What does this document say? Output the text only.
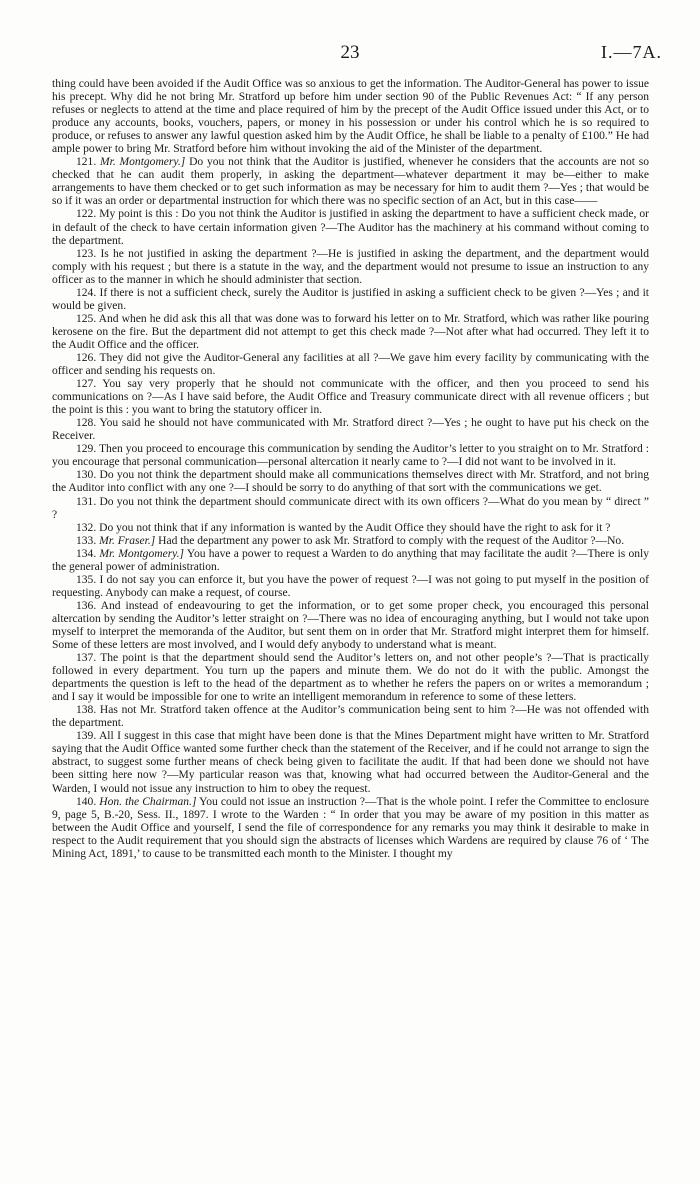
23	I.—7A.

thing could have been avoided if the Audit Office was so anxious to get the information. The Auditor-General has power to issue his precept. Why did he not bring Mr. Stratford up before him under section 90 of the Public Revenues Act: “ If any person refuses or neglects to attend at the time and place required of him by the precept of the Audit Office issued under this Act, or to produce any accounts, books, vouchers, papers, or money in his possession or under his control which he is so required to produce, or refuses to answer any lawful question asked him by the Audit Office, he shall be liable to a penalty of £100.” He had ample power to bring Mr. Stratford before him without invoking the aid of the Minister of the department.

121. Mr. Montgomery.] Do you not think that the Auditor is justified, whenever he considers that the accounts are not so checked that he can audit them properly, in asking the department—whatever department it may be—either to make arrangements to have them checked or to get such information as may be necessary for him to audit them ?—Yes ; that would be so if it was an order or departmental instruction for which there was no specific section of an Act, but in this case——

122. My point is this : Do you not think the Auditor is justified in asking the department to have a sufficient check made, or in default of the check to have certain information given ?—The Auditor has the machinery at his command without coming to the department.

123. Is he not justified in asking the department ?—He is justified in asking the department, and the department would comply with his request ; but there is a statute in the way, and the department would not presume to issue an instruction to any officer as to the manner in which he should administer that section.

124. If there is not a sufficient check, surely the Auditor is justified in asking a sufficient check to be given ?—Yes ; and it would be given.

125. And when he did ask this all that was done was to forward his letter on to Mr. Stratford, which was rather like pouring kerosene on the fire. But the department did not attempt to get this check made ?—Not after what had occurred. They left it to the Audit Office and the officer.

126. They did not give the Auditor-General any facilities at all ?—We gave him every facility by communicating with the officer and sending his requests on.

127. You say very properly that he should not communicate with the officer, and then you proceed to send his communications on ?—As I have said before, the Audit Office and Treasury communicate direct with all revenue officers ; but the point is this : you want to bring the statutory officer in.

128. You said he should not have communicated with Mr. Stratford direct ?—Yes ; he ought to have put his check on the Receiver.

129. Then you proceed to encourage this communication by sending the Auditor’s letter to you straight on to Mr. Stratford : you encourage that personal communication—personal altercation it nearly came to ?—I did not want to be involved in it.

130. Do you not think the department should make all communications themselves direct with Mr. Stratford, and not bring the Auditor into conflict with any one ?—I should be sorry to do anything of that sort with the communications we get.

131. Do you not think the department should communicate direct with its own officers ?—What do you mean by “ direct ” ?

132. Do you not think that if any information is wanted by the Audit Office they should have the right to ask for it ?

133. Mr. Fraser.] Had the department any power to ask Mr. Stratford to comply with the request of the Auditor ?—No.

134. Mr. Montgomery.] You have a power to request a Warden to do anything that may facilitate the audit ?—There is only the general power of administration.

135. I do not say you can enforce it, but you have the power of request ?—I was not going to put myself in the position of requesting. Anybody can make a request, of course.

136. And instead of endeavouring to get the information, or to get some proper check, you encouraged this personal altercation by sending the Auditor’s letter straight on ?—There was no idea of encouraging anything, but I would not take upon myself to interpret the memoranda of the Auditor, but sent them on in order that Mr. Stratford might interpret them for himself. Some of these letters are most involved, and I would defy anybody to understand what is meant.

137. The point is that the department should send the Auditor’s letters on, and not other people’s ?—That is practically followed in every department. You turn up the papers and minute them. We do not do it with the public. Amongst the departments the question is left to the head of the department as to whether he refers the papers on or writes a memorandum ; and I say it would be impossible for one to write an intelligent memorandum in reference to some of these letters.

138. Has not Mr. Stratford taken offence at the Auditor’s communication being sent to him ?—He was not offended with the department.

139. All I suggest in this case that might have been done is that the Mines Department might have written to Mr. Stratford saying that the Audit Office wanted some further check than the statement of the Receiver, and if he could not arrange to sign the abstract, to suggest some further means of check being given to facilitate the audit. If that had been done we should not have been sitting here now ?—My particular reason was that, knowing what had occurred between the Auditor-General and the Warden, I would not issue any instruction to him to obey the request.

140. Hon. the Chairman.] You could not issue an instruction ?—That is the whole point. I refer the Committee to enclosure 9, page 5, B.-20, Sess. II., 1897. I wrote to the Warden : “ In order that you may be aware of my position in this matter as between the Audit Office and yourself, I send the file of correspondence for any remarks you may think it desirable to make in respect to the Audit requirement that you should sign the abstracts of licenses which Wardens are required by clause 76 of ‘ The Mining Act, 1891,’ to cause to be transmitted each month to the Minister. I thought my
